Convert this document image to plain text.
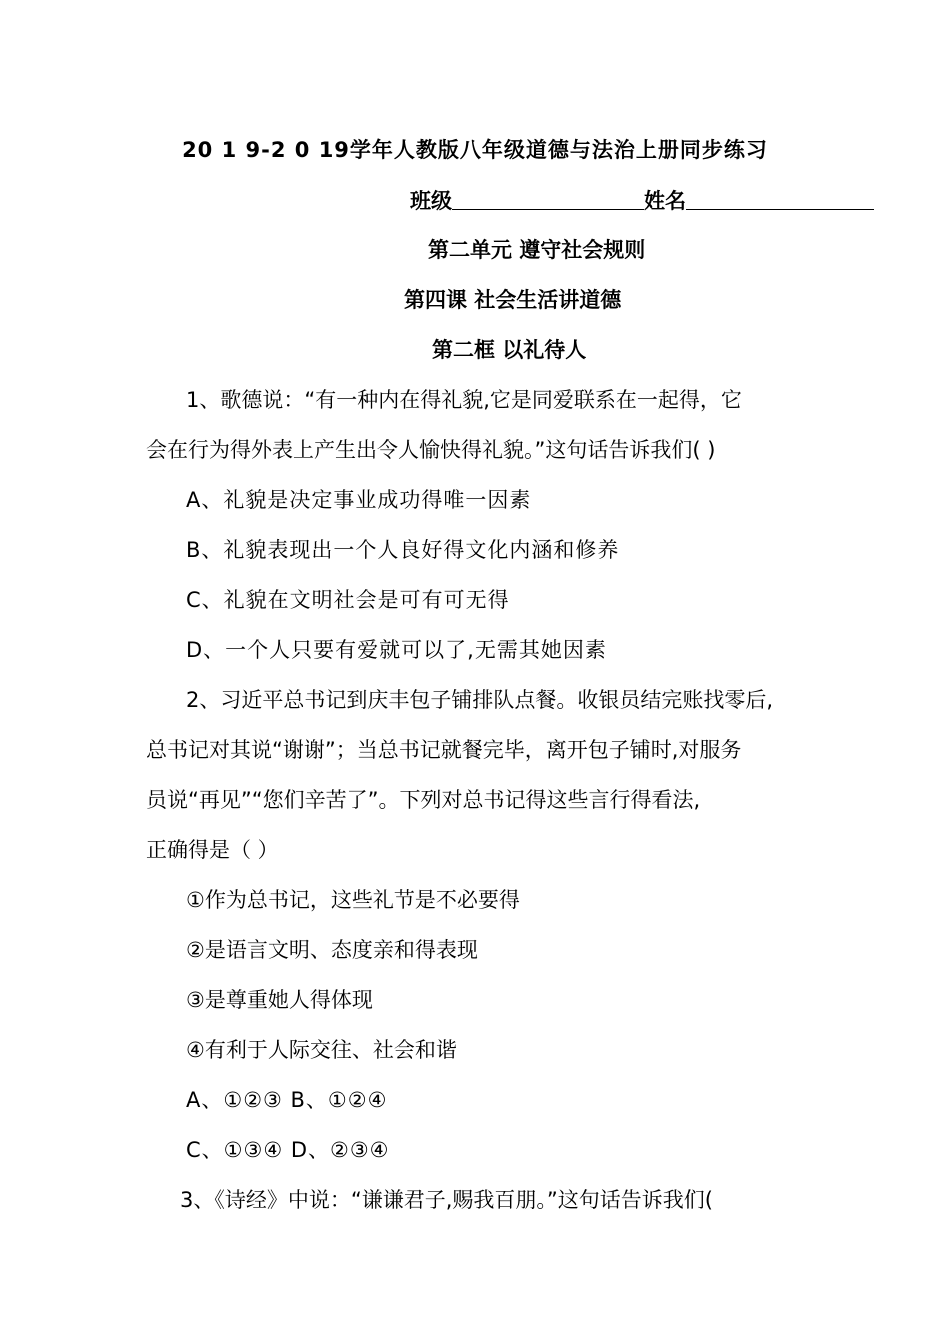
20 1 9-2 0 19学年人教版八年级道德与法治上册同步练习
班级	姓名
第二单元 遵守社会规则
第四课 社会生活讲道德
第二框 以礼待人
1、歌德说：“有一种内在得礼貌,它是同爱联系在一起得，它
会在行为得外表上产生出令人愉快得礼貌。”这句话告诉我们( )
A、礼貌是决定事业成功得唯一因素
B、礼貌表现出一个人良好得文化内涵和修养
C、礼貌在文明社会是可有可无得
D、一个人只要有爱就可以了,无需其她因素
2、习近平总书记到庆丰包子铺排队点餐。收银员结完账找零后,
总书记对其说“谢谢”；当总书记就餐完毕，离开包子铺时,对服务
员说“再见”“您们辛苦了”。下列对总书记得这些言行得看法,
正确得是（ ）
①作为总书记，这些礼节是不必要得
②是语言文明、态度亲和得表现
③是尊重她人得体现
④有利于人际交往、社会和谐
A、①②③ B、①②④
C、①③④ D、②③④
3、《诗经》中说：“谦谦君子,赐我百朋。”这句话告诉我们(
